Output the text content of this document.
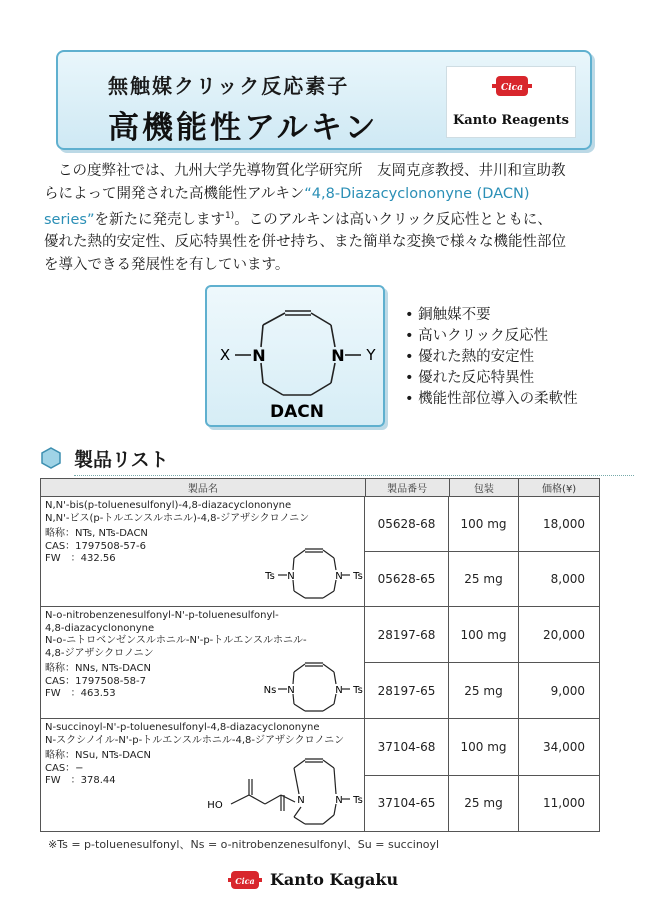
無触媒クリック反応素子
高機能性アルキン
Cica
Kanto Reagents
この度弊社では、九州大学先導物質化学研究所　友岡克彦教授、井川和宣助教
らによって開発された高機能性アルキン“4,8-Diazacyclononyne (DACN)
series”を新たに発売します$^{1)}$。このアルキンは高いクリック反応性とともに、
優れた熱的安定性、反応特異性を併せ持ち、また簡単な変換で様々な機能性部位
を導入できる発展性を有しています。
X N	N Y
DACN
• 銅触媒不要
• 高いクリック反応性
• 優れた熱的安定性
• 優れた反応特異性
• 機能性部位導入の柔軟性
製品リスト
製品名	製品番号	包装	価格(¥)
N,N'-bis(p-toluenesulfonyl)-4,8-diazacyclononyne
N,N'-ビス(p-トルエンスルホニル)-4,8-ジアザシクロノニン
略称：NTs, NTs-DACN
CAS：1797508-57-6
FW　：432.56
Ts N	N Ts
05628-68	100 mg	18,000
05628-65	25 mg	8,000
N-o-nitrobenzenesulfonyl-N'-p-toluenesulfonyl-
4,8-diazacyclononyne
N-o-ニトロベンゼンスルホニル-N'-p-トルエンスルホニル-
4,8-ジアザシクロノニン
略称：NNs, NTs-DACN
CAS：1797508-58-7
FW　：463.53	Ns N	N Ts
28197-68	100 mg	20,000
28197-65	25 mg	9,000
N-succinoyl-N'-p-toluenesulfonyl-4,8-diazacyclononyne
N-スクシノイル-N'-p-トルエンスルホニル-4,8-ジアザシクロノニン
略称：NSu, NTs-DACN
CAS：−
FW　：378.44
HO	N	N Ts
37104-68	100 mg	34,000
37104-65	25 mg	11,000
※Ts = p-toluenesulfonyl、Ns = o-nitrobenzenesulfonyl、Su = succinoyl
Cica Kanto Kagaku
